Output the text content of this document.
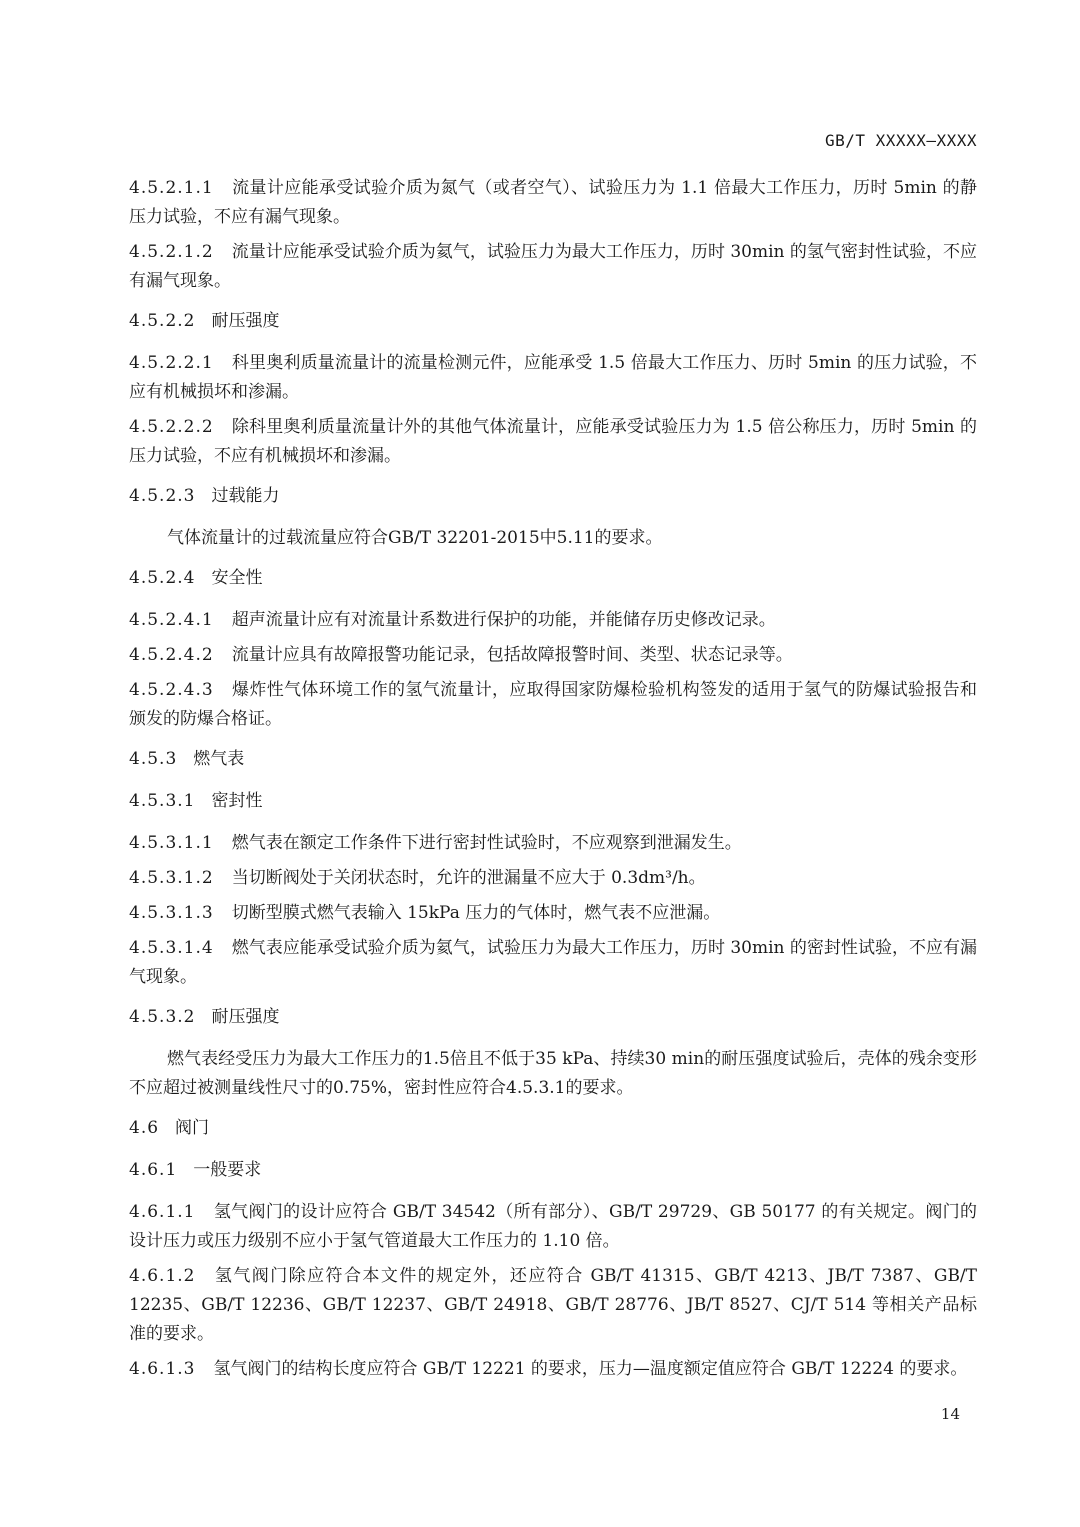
GB/T XXXXX—XXXX

4.5.2.1.1 流量计应能承受试验介质为氮气（或者空气）、试验压力为 1.1 倍最大工作压力，历时 5min 的静压力试验，不应有漏气现象。

4.5.2.1.2 流量计应能承受试验介质为氦气，试验压力为最大工作压力，历时 30min 的氢气密封性试验，不应有漏气现象。

4.5.2.2 耐压强度

4.5.2.2.1 科里奥利质量流量计的流量检测元件，应能承受 1.5 倍最大工作压力、历时 5min 的压力试验，不应有机械损坏和渗漏。

4.5.2.2.2 除科里奥利质量流量计外的其他气体流量计，应能承受试验压力为 1.5 倍公称压力，历时 5min 的压力试验，不应有机械损坏和渗漏。

4.5.2.3 过载能力

气体流量计的过载流量应符合GB/T 32201-2015中5.11的要求。

4.5.2.4 安全性

4.5.2.4.1 超声流量计应有对流量计系数进行保护的功能，并能储存历史修改记录。

4.5.2.4.2 流量计应具有故障报警功能记录，包括故障报警时间、类型、状态记录等。

4.5.2.4.3 爆炸性气体环境工作的氢气流量计，应取得国家防爆检验机构签发的适用于氢气的防爆试验报告和颁发的防爆合格证。

4.5.3 燃气表
4.5.3.1 密封性

4.5.3.1.1 燃气表在额定工作条件下进行密封性试验时，不应观察到泄漏发生。

4.5.3.1.2 当切断阀处于关闭状态时，允许的泄漏量不应大于 0.3dm³/h。

4.5.3.1.3 切断型膜式燃气表输入 15kPa 压力的气体时，燃气表不应泄漏。

4.5.3.1.4 燃气表应能承受试验介质为氦气，试验压力为最大工作压力，历时 30min 的密封性试验，不应有漏气现象。

4.5.3.2 耐压强度

燃气表经受压力为最大工作压力的1.5倍且不低于35 kPa、持续30 min的耐压强度试验后，壳体的残余变形不应超过被测量线性尺寸的0.75%，密封性应符合4.5.3.1的要求。

4.6 阀门
4.6.1 一般要求

4.6.1.1 氢气阀门的设计应符合 GB/T 34542（所有部分）、GB/T 29729、GB 50177 的有关规定。阀门的设计压力或压力级别不应小于氢气管道最大工作压力的 1.10 倍。

4.6.1.2 氢气阀门除应符合本文件的规定外，还应符合 GB/T 41315、GB/T 4213、JB/T 7387、GB/T 12235、GB/T 12236、GB/T 12237、GB/T 24918、GB/T 28776、JB/T 8527、CJ/T 514 等相关产品标准的要求。

4.6.1.3 氢气阀门的结构长度应符合 GB/T 12221 的要求，压力—温度额定值应符合 GB/T 12224 的要求。

14
